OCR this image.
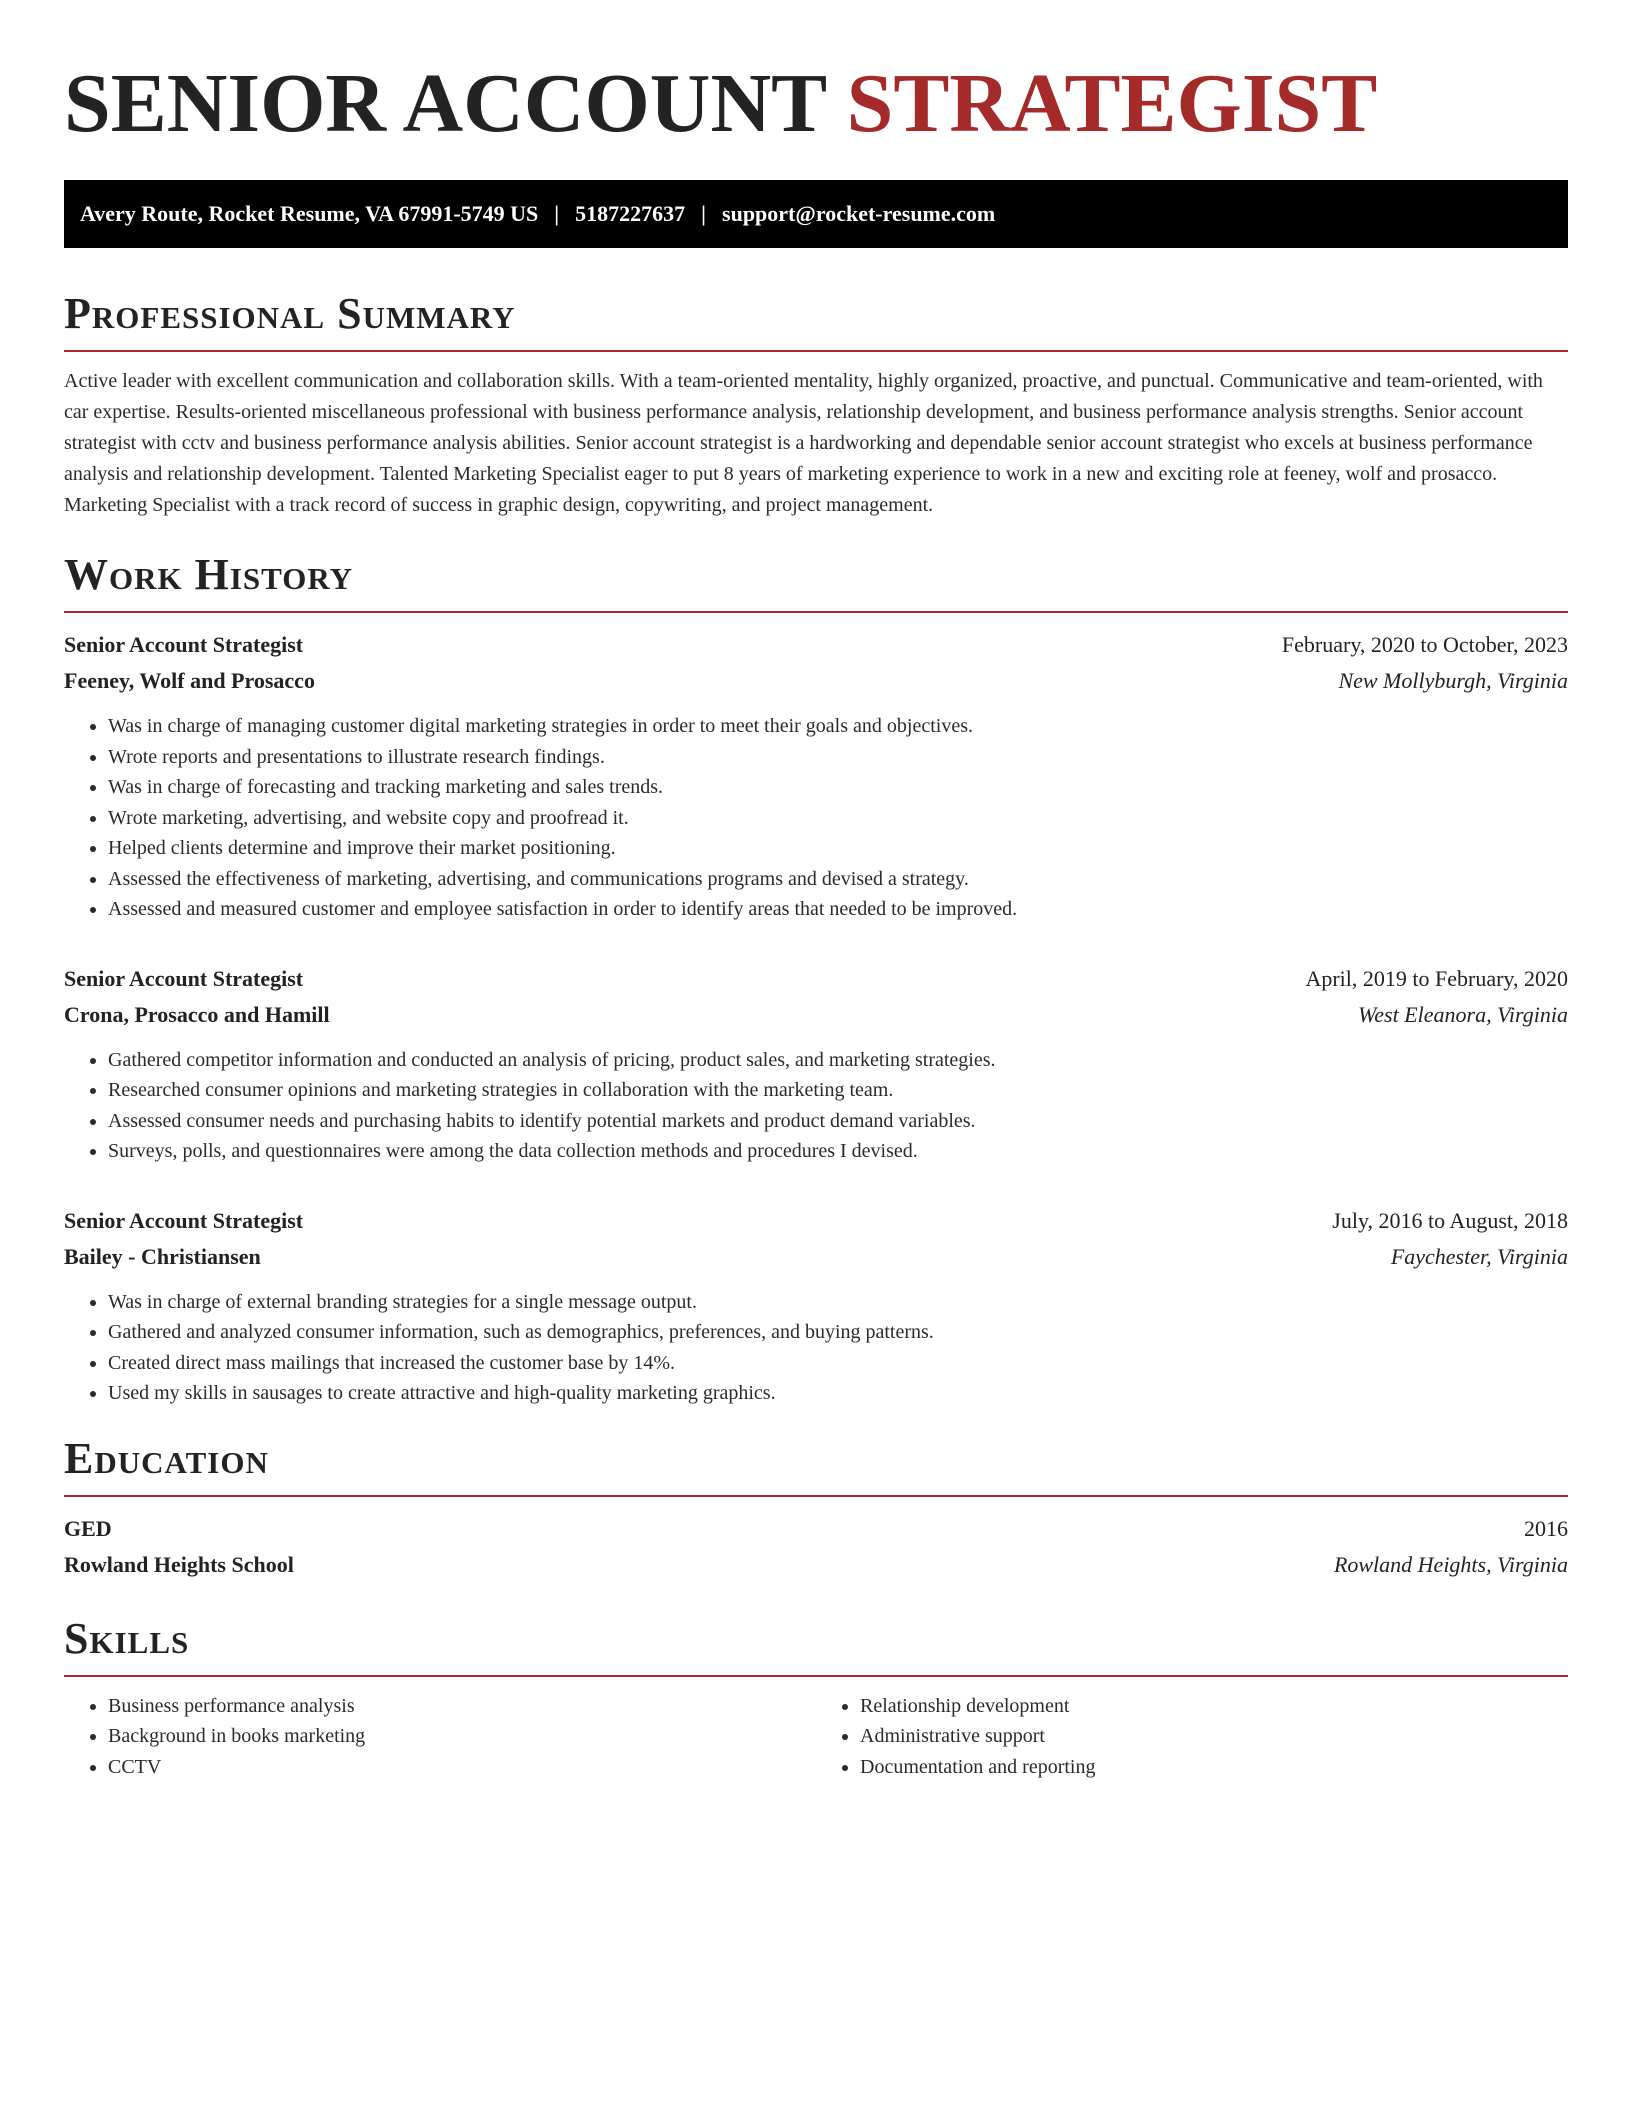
SENIOR ACCOUNT STRATEGIST
Avery Route, Rocket Resume, VA 67991-5749 US | 5187227637 | support@rocket-resume.com
Professional Summary

Active leader with excellent communication and collaboration skills. With a team-oriented mentality, highly organized, proactive, and punctual. Communicative and team-oriented, with car expertise. Results-oriented miscellaneous professional with business performance analysis, relationship development, and business performance analysis strengths. Senior account strategist with cctv and business performance analysis abilities. Senior account strategist is a hardworking and dependable senior account strategist who excels at business performance analysis and relationship development. Talented Marketing Specialist eager to put 8 years of marketing experience to work in a new and exciting role at feeney, wolf and prosacco. Marketing Specialist with a track record of success in graphic design, copywriting, and project management.

Work History
Senior Account Strategist	February, 2020 to October, 2023
Feeney, Wolf and Prosacco	New Mollyburgh, Virginia
• Was in charge of managing customer digital marketing strategies in order to meet their goals and objectives.
• Wrote reports and presentations to illustrate research findings.
• Was in charge of forecasting and tracking marketing and sales trends.
• Wrote marketing, advertising, and website copy and proofread it.
• Helped clients determine and improve their market positioning.
• Assessed the effectiveness of marketing, advertising, and communications programs and devised a strategy.
• Assessed and measured customer and employee satisfaction in order to identify areas that needed to be improved.
Senior Account Strategist	April, 2019 to February, 2020
Crona, Prosacco and Hamill	West Eleanora, Virginia
• Gathered competitor information and conducted an analysis of pricing, product sales, and marketing strategies.
• Researched consumer opinions and marketing strategies in collaboration with the marketing team.
• Assessed consumer needs and purchasing habits to identify potential markets and product demand variables.
• Surveys, polls, and questionnaires were among the data collection methods and procedures I devised.
Senior Account Strategist	July, 2016 to August, 2018
Bailey - Christiansen	Faychester, Virginia
• Was in charge of external branding strategies for a single message output.
• Gathered and analyzed consumer information, such as demographics, preferences, and buying patterns.
• Created direct mass mailings that increased the customer base by 14%.
• Used my skills in sausages to create attractive and high-quality marketing graphics.
Education
GED	2016
Rowland Heights School	Rowland Heights, Virginia
Skills
• Business performance analysis
• Background in books marketing
• CCTV
• Relationship development
• Administrative support
• Documentation and reporting
